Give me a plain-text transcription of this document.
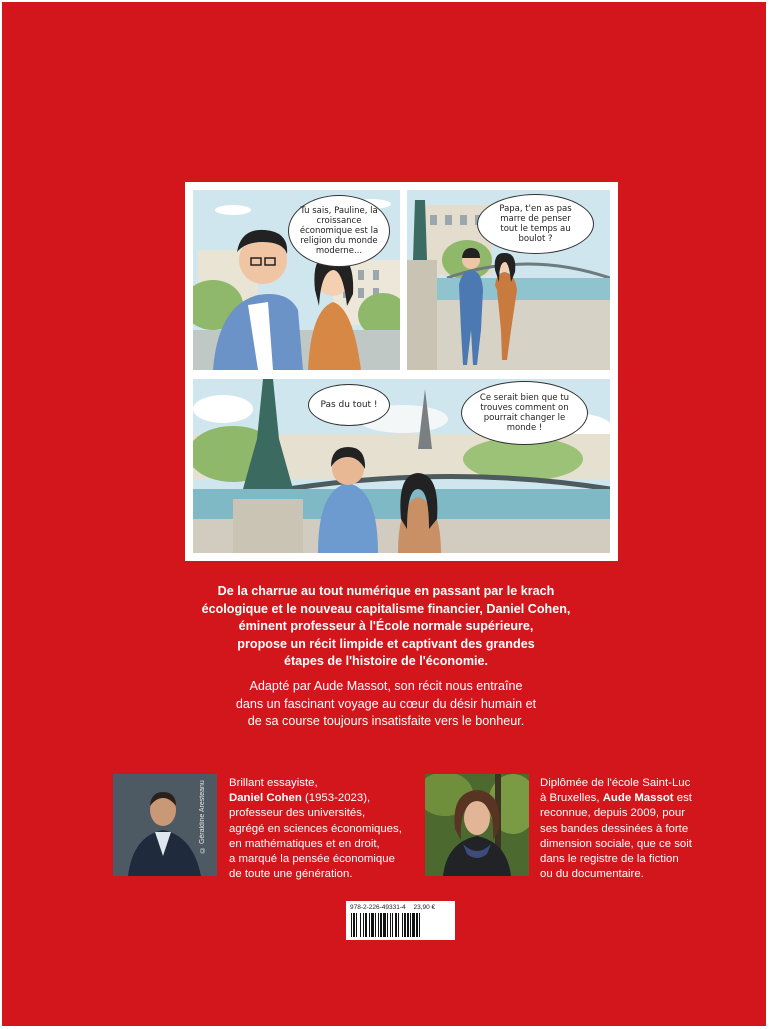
Tu sais, Pauline, la croissance économique est la religion du monde moderne...
Papa, t'en as pas marre de penser tout le temps au boulot ?
Pas du tout !
Ce serait bien que tu trouves comment on pourrait changer le monde !

De la charrue au tout numérique en passant par le krach
écologique et le nouveau capitalisme financier, Daniel Cohen,
éminent professeur à l'École normale supérieure,
propose un récit limpide et captivant des grandes
étapes de l'histoire de l'économie.

Adapté par Aude Massot, son récit nous entraîne
dans un fascinant voyage au cœur du désir humain et
de sa course toujours insatisfaite vers le bonheur.

© Géraldine Aresteanu	Brillant essayiste,
Daniel Cohen (1953-2023),
professeur des universités,
agrégé en sciences économiques,
en mathématiques et en droit,
a marqué la pensée économique
de toute une génération.
Diplômée de l'école Saint-Luc
à Bruxelles, Aude Massot est
reconnue, depuis 2009, pour
ses bandes dessinées à forte
dimension sociale, que ce soit
dans le registre de la fiction
ou du documentaire.
978-2-226-49331-4 23,90 €
